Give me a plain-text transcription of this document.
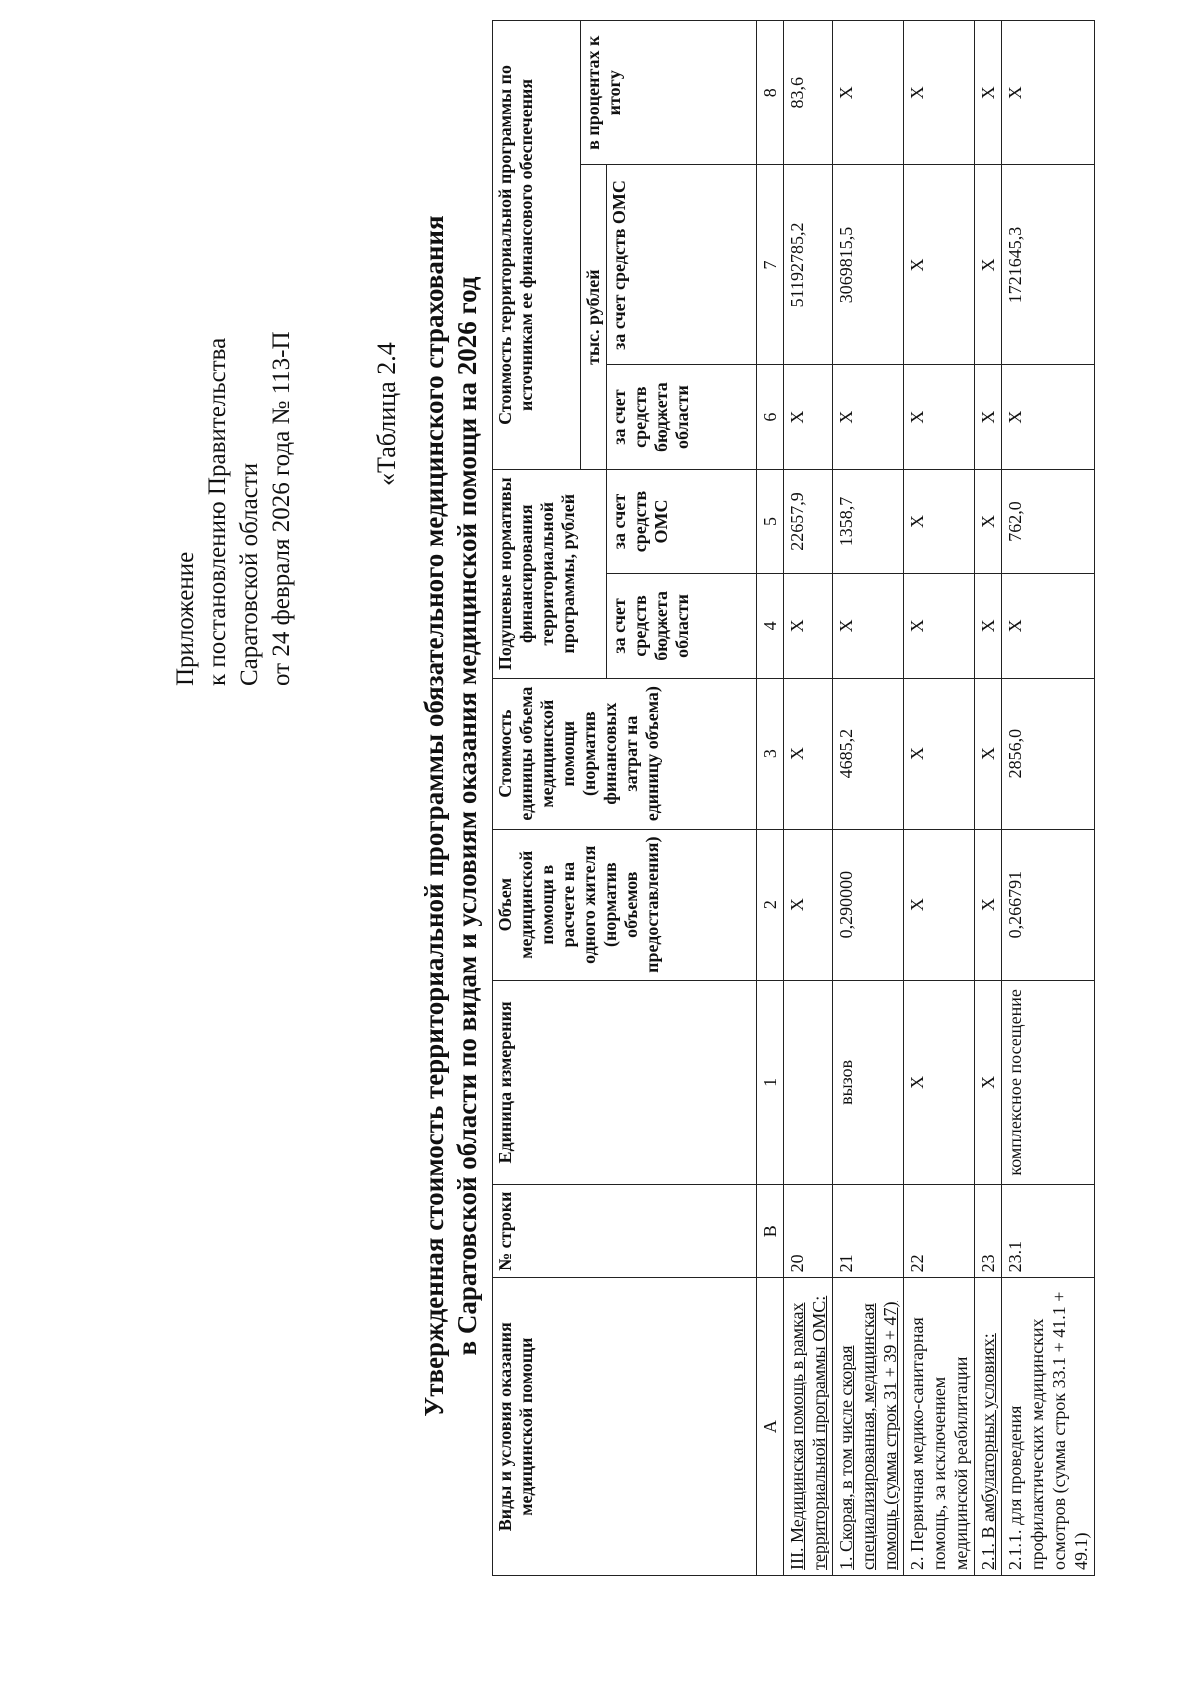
Приложение к постановлению Правительства Саратовской области от 24 февраля 2026 года № 113-П	«Таблица 2.4 Утвержденная стоимость территориальной программы обязательного медицинского страхования в Саратовской области по видам и условиям оказания медицинской помощи на 2026 год
Виды и условия оказания медицинской помощи	№ строки	Единица измерения	Объем медицинской помощи в расчете на одного жителя (норматив объемов предоставления)	Стоимость единицы объема медицинской помощи (норматив финансовых затрат на единицу объема)	Подушевые нормативы финансирования территориальной программы, рублей		Стоимость территориальной программы по источникам ее финансового обеспечения		
							тыс. рублей		в процентах к итогу
					за счет средств бюджета области	за счет средств ОМС	за счет средств бюджета области	за счет средств ОМС	
А	В	1	2	3	4	5	6	7	8
III. Медицинская помощь в рамках территориальной программы ОМС:	20		Х	Х	Х	22657,9	Х	51192785,2	83,6
1. Скорая, в том числе скорая специализированная, медицинская помощь (сумма строк 31 + 39 + 47)	21	вызов	0,290000	4685,2	Х	1358,7	Х	3069815,5	Х
2. Первичная медико-санитарная помощь, за исключением медицинской реабилитации	22	Х	Х	Х	Х	Х	Х	Х	Х
2.1. В амбулаторных условиях:	23	Х	Х	Х	Х	Х	Х	Х	Х
2.1.1. для проведения профилактических медицинских осмотров (сумма строк 33.1 + 41.1 + 49.1)	23.1	комплексное посещение	0,266791	2856,0	Х	762,0	Х	1721645,3	Х
